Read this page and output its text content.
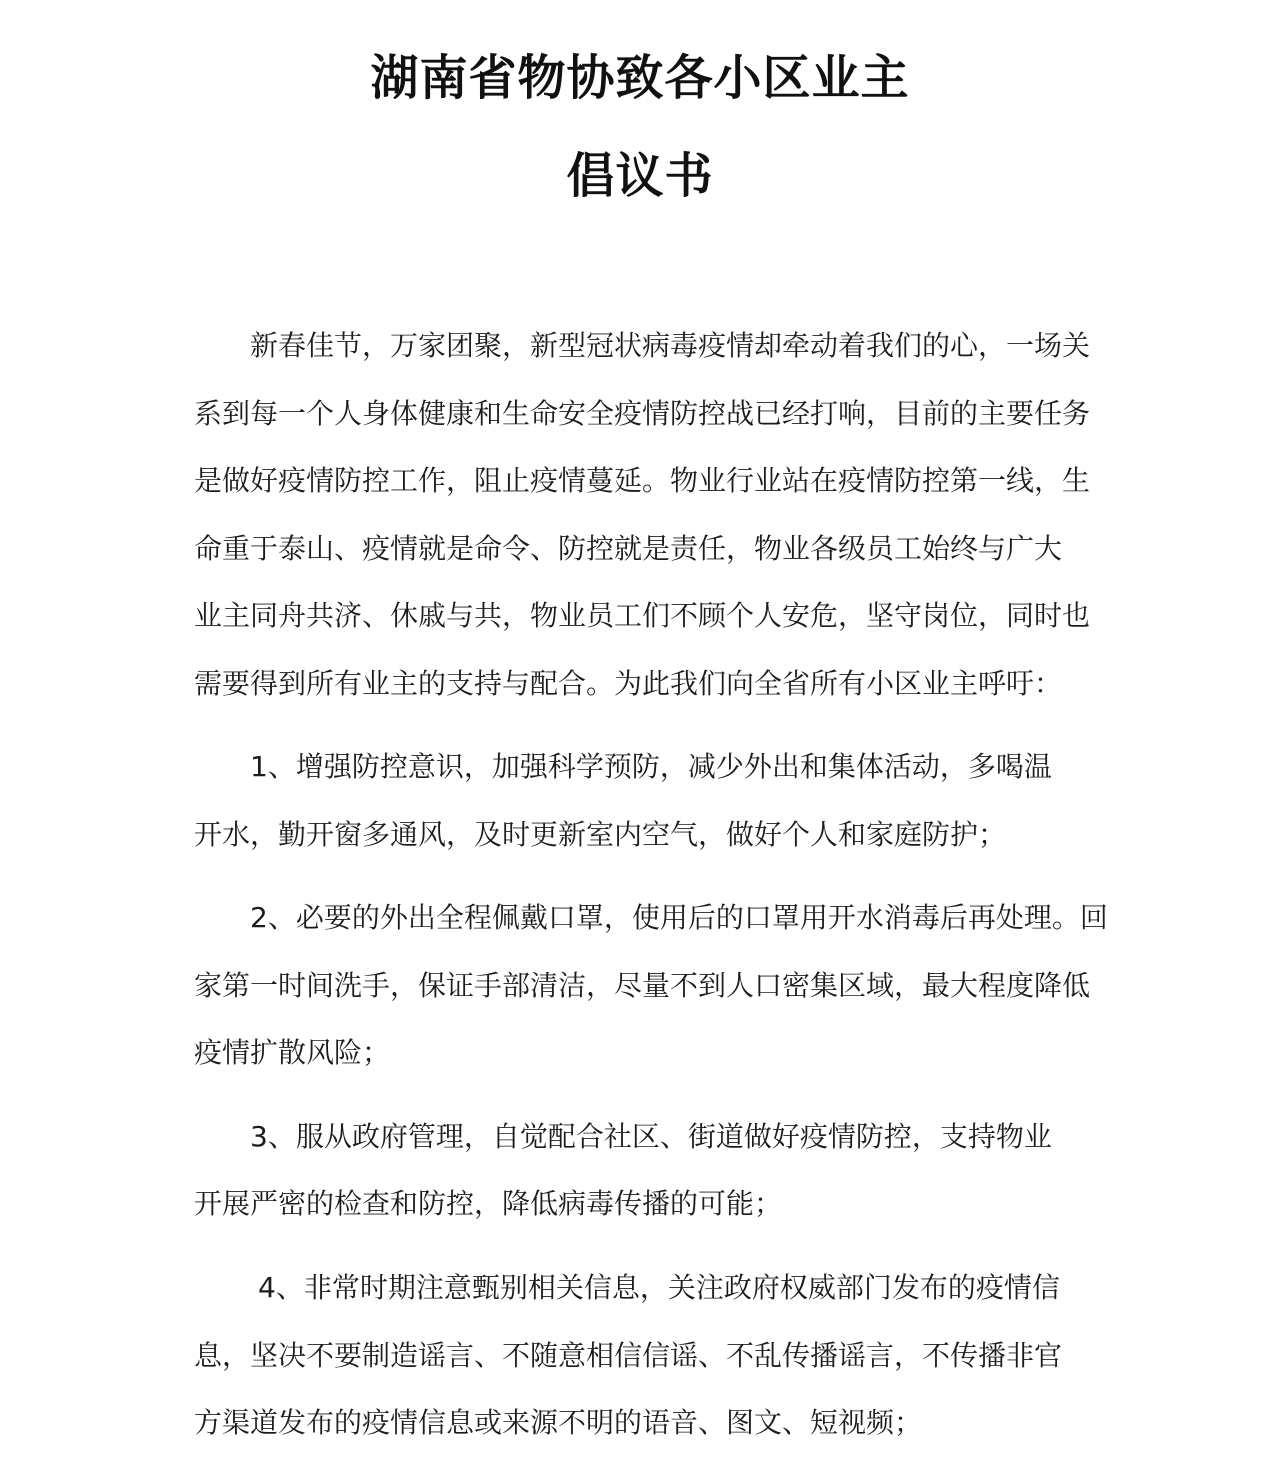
湖南省物协致各小区业主
倡议书
新春佳节，万家团聚，新型冠状病毒疫情却牵动着我们的心，一场关
系到每一个人身体健康和生命安全疫情防控战已经打响，目前的主要任务
是做好疫情防控工作，阻止疫情蔓延。物业行业站在疫情防控第一线，生
命重于泰山、疫情就是命令、防控就是责任，物业各级员工始终与广大
业主同舟共济、休戚与共，物业员工们不顾个人安危，坚守岗位，同时也
需要得到所有业主的支持与配合。为此我们向全省所有小区业主呼吁：
1、增强防控意识，加强科学预防，减少外出和集体活动，多喝温
开水，勤开窗多通风，及时更新室内空气，做好个人和家庭防护；
2、必要的外出全程佩戴口罩，使用后的口罩用开水消毒后再处理。回
家第一时间洗手，保证手部清洁，尽量不到人口密集区域，最大程度降低
疫情扩散风险；
3、服从政府管理，自觉配合社区、街道做好疫情防控，支持物业
开展严密的检查和防控，降低病毒传播的可能；
4、非常时期注意甄别相关信息，关注政府权威部门发布的疫情信
息，坚决不要制造谣言、不随意相信信谣、不乱传播谣言，不传播非官
方渠道发布的疫情信息或来源不明的语音、图文、短视频；
